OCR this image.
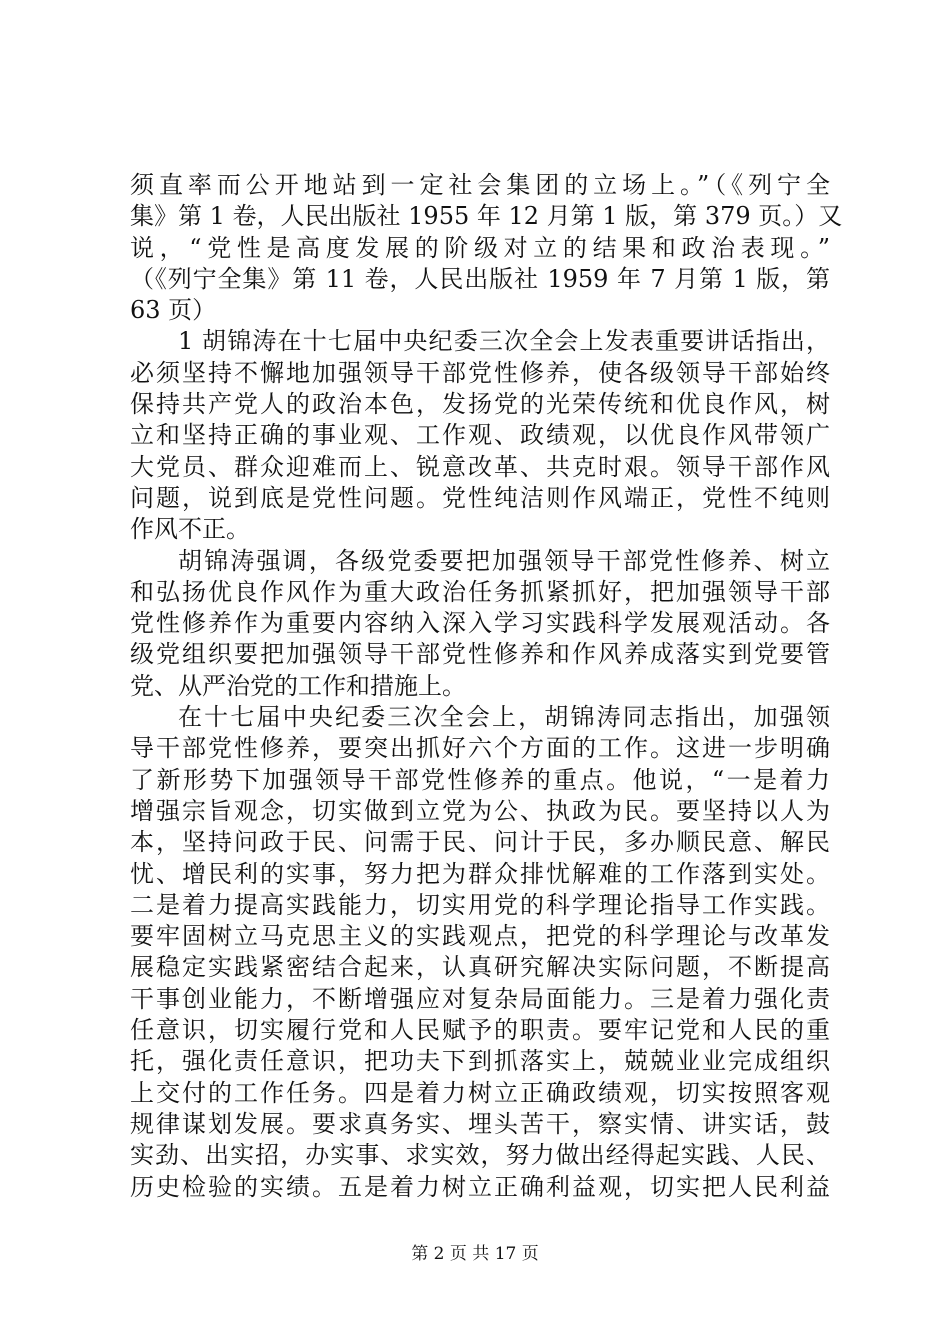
须直率而公开地站到一定社会集团的立场上。”（《列宁全
集》第 1 卷，人民出版社 1955 年 12 月第 1 版，第 379 页。）又
说，“党性是高度发展的阶级对立的结果和政治表现。”
（《列宁全集》第 11 卷，人民出版社 1959 年 7 月第 1 版，第
63 页）
1 胡锦涛在十七届中央纪委三次全会上发表重要讲话指出，
必须坚持不懈地加强领导干部党性修养，使各级领导干部始终
保持共产党人的政治本色，发扬党的光荣传统和优良作风，树
立和坚持正确的事业观、工作观、政绩观，以优良作风带领广
大党员、群众迎难而上、锐意改革、共克时艰。领导干部作风
问题，说到底是党性问题。党性纯洁则作风端正，党性不纯则
作风不正。
胡锦涛强调，各级党委要把加强领导干部党性修养、树立
和弘扬优良作风作为重大政治任务抓紧抓好，把加强领导干部
党性修养作为重要内容纳入深入学习实践科学发展观活动。各
级党组织要把加强领导干部党性修养和作风养成落实到党要管
党、从严治党的工作和措施上。
在十七届中央纪委三次全会上，胡锦涛同志指出，加强领
导干部党性修养，要突出抓好六个方面的工作。这进一步明确
了新形势下加强领导干部党性修养的重点。他说，“一是着力
增强宗旨观念，切实做到立党为公、执政为民。要坚持以人为
本，坚持问政于民、问需于民、问计于民，多办顺民意、解民
忧、增民利的实事，努力把为群众排忧解难的工作落到实处。
二是着力提高实践能力，切实用党的科学理论指导工作实践。
要牢固树立马克思主义的实践观点，把党的科学理论与改革发
展稳定实践紧密结合起来，认真研究解决实际问题，不断提高
干事创业能力，不断增强应对复杂局面能力。三是着力强化责
任意识，切实履行党和人民赋予的职责。要牢记党和人民的重
托，强化责任意识，把功夫下到抓落实上，兢兢业业完成组织
上交付的工作任务。四是着力树立正确政绩观，切实按照客观
规律谋划发展。要求真务实、埋头苦干，察实情、讲实话，鼓
实劲、出实招，办实事、求实效，努力做出经得起实践、人民、
历史检验的实绩。五是着力树立正确利益观，切实把人民利益
第 2 页 共 17 页
